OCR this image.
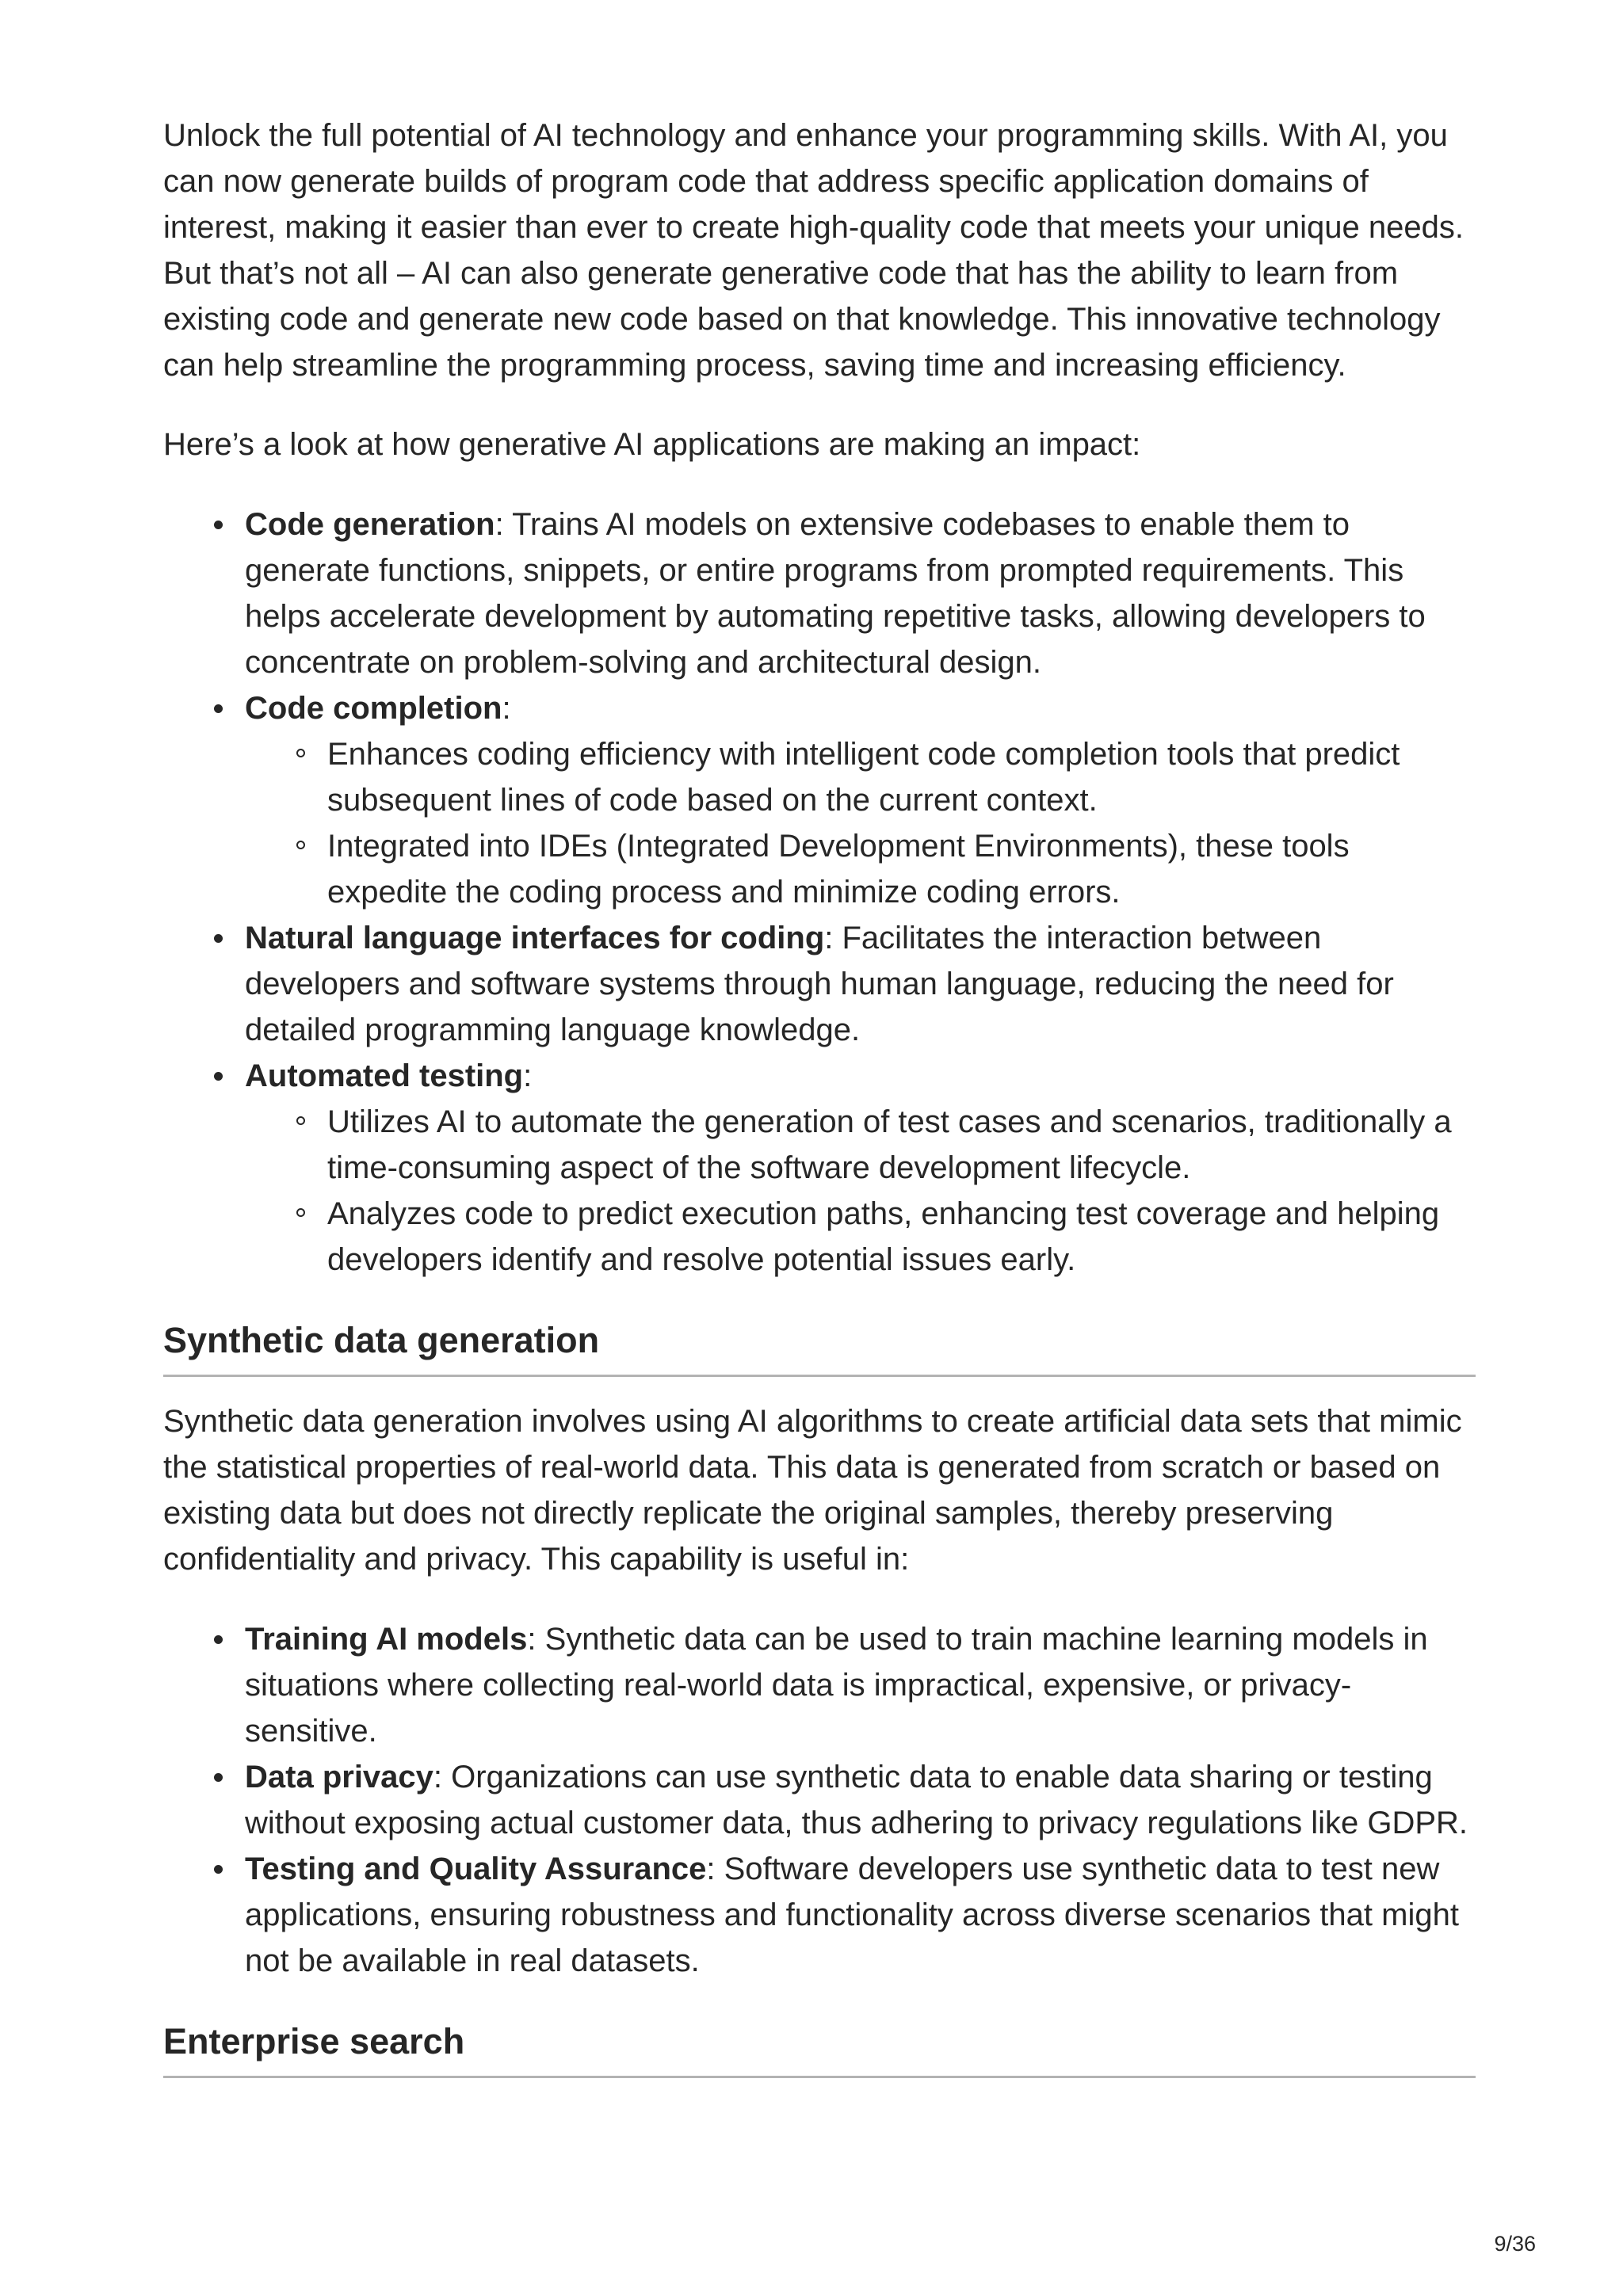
Unlock the full potential of AI technology and enhance your programming skills. With AI, you can now generate builds of program code that address specific application domains of interest, making it easier than ever to create high-quality code that meets your unique needs. But that’s not all – AI can also generate generative code that has the ability to learn from existing code and generate new code based on that knowledge. This innovative technology can help streamline the programming process, saving time and increasing efficiency.

Here’s a look at how generative AI applications are making an impact:

Code generation: Trains AI models on extensive codebases to enable them to generate functions, snippets, or entire programs from prompted requirements. This helps accelerate development by automating repetitive tasks, allowing developers to concentrate on problem-solving and architectural design.
Code completion:
Enhances coding efficiency with intelligent code completion tools that predict subsequent lines of code based on the current context.
Integrated into IDEs (Integrated Development Environments), these tools expedite the coding process and minimize coding errors.
Natural language interfaces for coding: Facilitates the interaction between developers and software systems through human language, reducing the need for detailed programming language knowledge.
Automated testing:
Utilizes AI to automate the generation of test cases and scenarios, traditionally a time-consuming aspect of the software development lifecycle.
Analyzes code to predict execution paths, enhancing test coverage and helping developers identify and resolve potential issues early.
Synthetic data generation

Synthetic data generation involves using AI algorithms to create artificial data sets that mimic the statistical properties of real-world data. This data is generated from scratch or based on existing data but does not directly replicate the original samples, thereby preserving confidentiality and privacy. This capability is useful in:

Training AI models: Synthetic data can be used to train machine learning models in situations where collecting real-world data is impractical, expensive, or privacy-sensitive.
Data privacy: Organizations can use synthetic data to enable data sharing or testing without exposing actual customer data, thus adhering to privacy regulations like GDPR.
Testing and Quality Assurance: Software developers use synthetic data to test new applications, ensuring robustness and functionality across diverse scenarios that might not be available in real datasets.
Enterprise search
9/36
